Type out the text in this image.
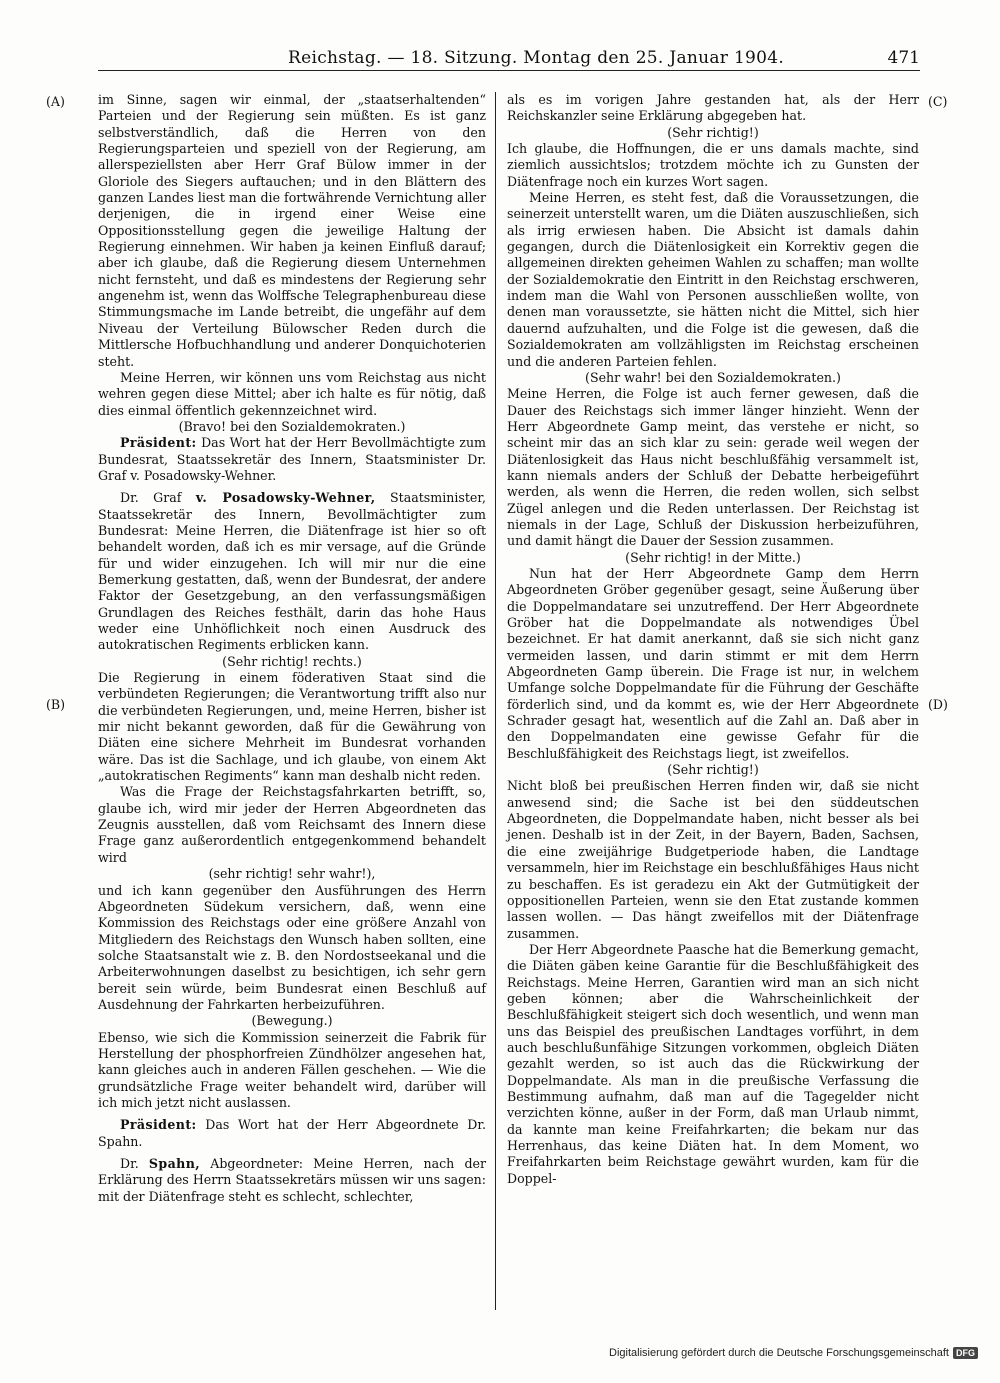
Reichstag. — 18. Sitzung. Montag den 25. Januar 1904.	471
(A)
(B)
(C)
(D)

im Sinne, sagen wir einmal, der „staatserhaltenden“ Parteien und der Regierung sein müßten. Es ist ganz selbstverständlich, daß die Herren von den Regierungsparteien und speziell von der Regierung, am allerspeziellsten aber Herr Graf Bülow immer in der Gloriole des Siegers auftauchen; und in den Blättern des ganzen Landes liest man die fortwährende Vernichtung aller derjenigen, die in irgend einer Weise eine Oppositionsstellung gegen die jeweilige Haltung der Regierung einnehmen. Wir haben ja keinen Einfluß darauf; aber ich glaube, daß die Regierung diesem Unternehmen nicht fernsteht, und daß es mindestens der Regierung sehr angenehm ist, wenn das Wolffsche Telegraphenbureau diese Stimmungsmache im Lande betreibt, die ungefähr auf dem Niveau der Verteilung Bülowscher Reden durch die Mittlersche Hofbuchhandlung und anderer Donquichoterien steht.

Meine Herren, wir können uns vom Reichstag aus nicht wehren gegen diese Mittel; aber ich halte es für nötig, daß dies einmal öffentlich gekennzeichnet wird.

(Bravo! bei den Sozialdemokraten.)

Präsident: Das Wort hat der Herr Bevollmächtigte zum Bundesrat, Staatssekretär des Innern, Staatsminister Dr. Graf v. Posadowsky-Wehner.

Dr. Graf v. Posadowsky-Wehner, Staatsminister, Staatssekretär des Innern, Bevollmächtigter zum Bundesrat: Meine Herren, die Diätenfrage ist hier so oft behandelt worden, daß ich es mir versage, auf die Gründe für und wider einzugehen. Ich will mir nur die eine Bemerkung gestatten, daß, wenn der Bundesrat, der andere Faktor der Gesetzgebung, an den verfassungsmäßigen Grundlagen des Reiches festhält, darin das hohe Haus weder eine Unhöflichkeit noch einen Ausdruck des autokratischen Regiments erblicken kann.

(Sehr richtig! rechts.)

Die Regierung in einem föderativen Staat sind die verbündeten Regierungen; die Verantwortung trifft also nur die verbündeten Regierungen, und, meine Herren, bisher ist mir nicht bekannt geworden, daß für die Gewährung von Diäten eine sichere Mehrheit im Bundesrat vorhanden wäre. Das ist die Sachlage, und ich glaube, von einem Akt „autokratischen Regiments“ kann man deshalb nicht reden.

Was die Frage der Reichstagsfahrkarten betrifft, so, glaube ich, wird mir jeder der Herren Abgeordneten das Zeugnis ausstellen, daß vom Reichsamt des Innern diese Frage ganz außerordentlich entgegenkommend behandelt wird

(sehr richtig! sehr wahr!),

und ich kann gegenüber den Ausführungen des Herrn Abgeordneten Südekum versichern, daß, wenn eine Kommission des Reichstags oder eine größere Anzahl von Mitgliedern des Reichstags den Wunsch haben sollten, eine solche Staatsanstalt wie z. B. den Nordostseekanal und die Arbeiterwohnungen daselbst zu besichtigen, ich sehr gern bereit sein würde, beim Bundesrat einen Beschluß auf Ausdehnung der Fahrkarten herbeizuführen.

(Bewegung.)

Ebenso, wie sich die Kommission seinerzeit die Fabrik für Herstellung der phosphorfreien Zündhölzer angesehen hat, kann gleiches auch in anderen Fällen geschehen. — Wie die grundsätzliche Frage weiter behandelt wird, darüber will ich mich jetzt nicht auslassen.

Präsident: Das Wort hat der Herr Abgeordnete Dr. Spahn.

Dr. Spahn, Abgeordneter: Meine Herren, nach der Erklärung des Herrn Staatssekretärs müssen wir uns sagen: mit der Diätenfrage steht es schlecht, schlechter,

als es im vorigen Jahre gestanden hat, als der Herr Reichskanzler seine Erklärung abgegeben hat.

(Sehr richtig!)

Ich glaube, die Hoffnungen, die er uns damals machte, sind ziemlich aussichtslos; trotzdem möchte ich zu Gunsten der Diätenfrage noch ein kurzes Wort sagen.

Meine Herren, es steht fest, daß die Voraussetzungen, die seinerzeit unterstellt waren, um die Diäten auszuschließen, sich als irrig erwiesen haben. Die Absicht ist damals dahin gegangen, durch die Diätenlosigkeit ein Korrektiv gegen die allgemeinen direkten geheimen Wahlen zu schaffen; man wollte der Sozialdemokratie den Eintritt in den Reichstag erschweren, indem man die Wahl von Personen ausschließen wollte, von denen man voraussetzte, sie hätten nicht die Mittel, sich hier dauernd aufzuhalten, und die Folge ist die gewesen, daß die Sozialdemokraten am vollzähligsten im Reichstag erscheinen und die anderen Parteien fehlen.

(Sehr wahr! bei den Sozialdemokraten.)

Meine Herren, die Folge ist auch ferner gewesen, daß die Dauer des Reichstags sich immer länger hinzieht. Wenn der Herr Abgeordnete Gamp meint, das verstehe er nicht, so scheint mir das an sich klar zu sein: gerade weil wegen der Diätenlosigkeit das Haus nicht beschlußfähig versammelt ist, kann niemals anders der Schluß der Debatte herbeigeführt werden, als wenn die Herren, die reden wollen, sich selbst Zügel anlegen und die Reden unterlassen. Der Reichstag ist niemals in der Lage, Schluß der Diskussion herbeizuführen, und damit hängt die Dauer der Session zusammen.

(Sehr richtig! in der Mitte.)

Nun hat der Herr Abgeordnete Gamp dem Herrn Abgeordneten Gröber gegenüber gesagt, seine Äußerung über die Doppelmandatare sei unzutreffend. Der Herr Abgeordnete Gröber hat die Doppelmandate als notwendiges Übel bezeichnet. Er hat damit anerkannt, daß sie sich nicht ganz vermeiden lassen, und darin stimmt er mit dem Herrn Abgeordneten Gamp überein. Die Frage ist nur, in welchem Umfange solche Doppelmandate für die Führung der Geschäfte förderlich sind, und da kommt es, wie der Herr Abgeordnete Schrader gesagt hat, wesentlich auf die Zahl an. Daß aber in den Doppelmandaten eine gewisse Gefahr für die Beschlußfähigkeit des Reichstags liegt, ist zweifellos.

(Sehr richtig!)

Nicht bloß bei preußischen Herren finden wir, daß sie nicht anwesend sind; die Sache ist bei den süddeutschen Abgeordneten, die Doppelmandate haben, nicht besser als bei jenen. Deshalb ist in der Zeit, in der Bayern, Baden, Sachsen, die eine zweijährige Budgetperiode haben, die Landtage versammeln, hier im Reichstage ein beschlußfähiges Haus nicht zu beschaffen. Es ist geradezu ein Akt der Gutmütigkeit der oppositionellen Parteien, wenn sie den Etat zustande kommen lassen wollen. — Das hängt zweifellos mit der Diätenfrage zusammen.

Der Herr Abgeordnete Paasche hat die Bemerkung gemacht, die Diäten gäben keine Garantie für die Beschlußfähigkeit des Reichstags. Meine Herren, Garantien wird man an sich nicht geben können; aber die Wahrscheinlichkeit der Beschlußfähigkeit steigert sich doch wesentlich, und wenn man uns das Beispiel des preußischen Landtages vorführt, in dem auch beschlußunfähige Sitzungen vorkommen, obgleich Diäten gezahlt werden, so ist auch das die Rückwirkung der Doppelmandate. Als man in die preußische Verfassung die Bestimmung aufnahm, daß man auf die Tagegelder nicht verzichten könne, außer in der Form, daß man Urlaub nimmt, da kannte man keine Freifahrkarten; die bekam nur das Herrenhaus, das keine Diäten hat. In dem Moment, wo Freifahrkarten beim Reichstage gewährt wurden, kam für die Doppel-

Digitalisierung gefördert durch die Deutsche Forschungsgemeinschaft DFG
